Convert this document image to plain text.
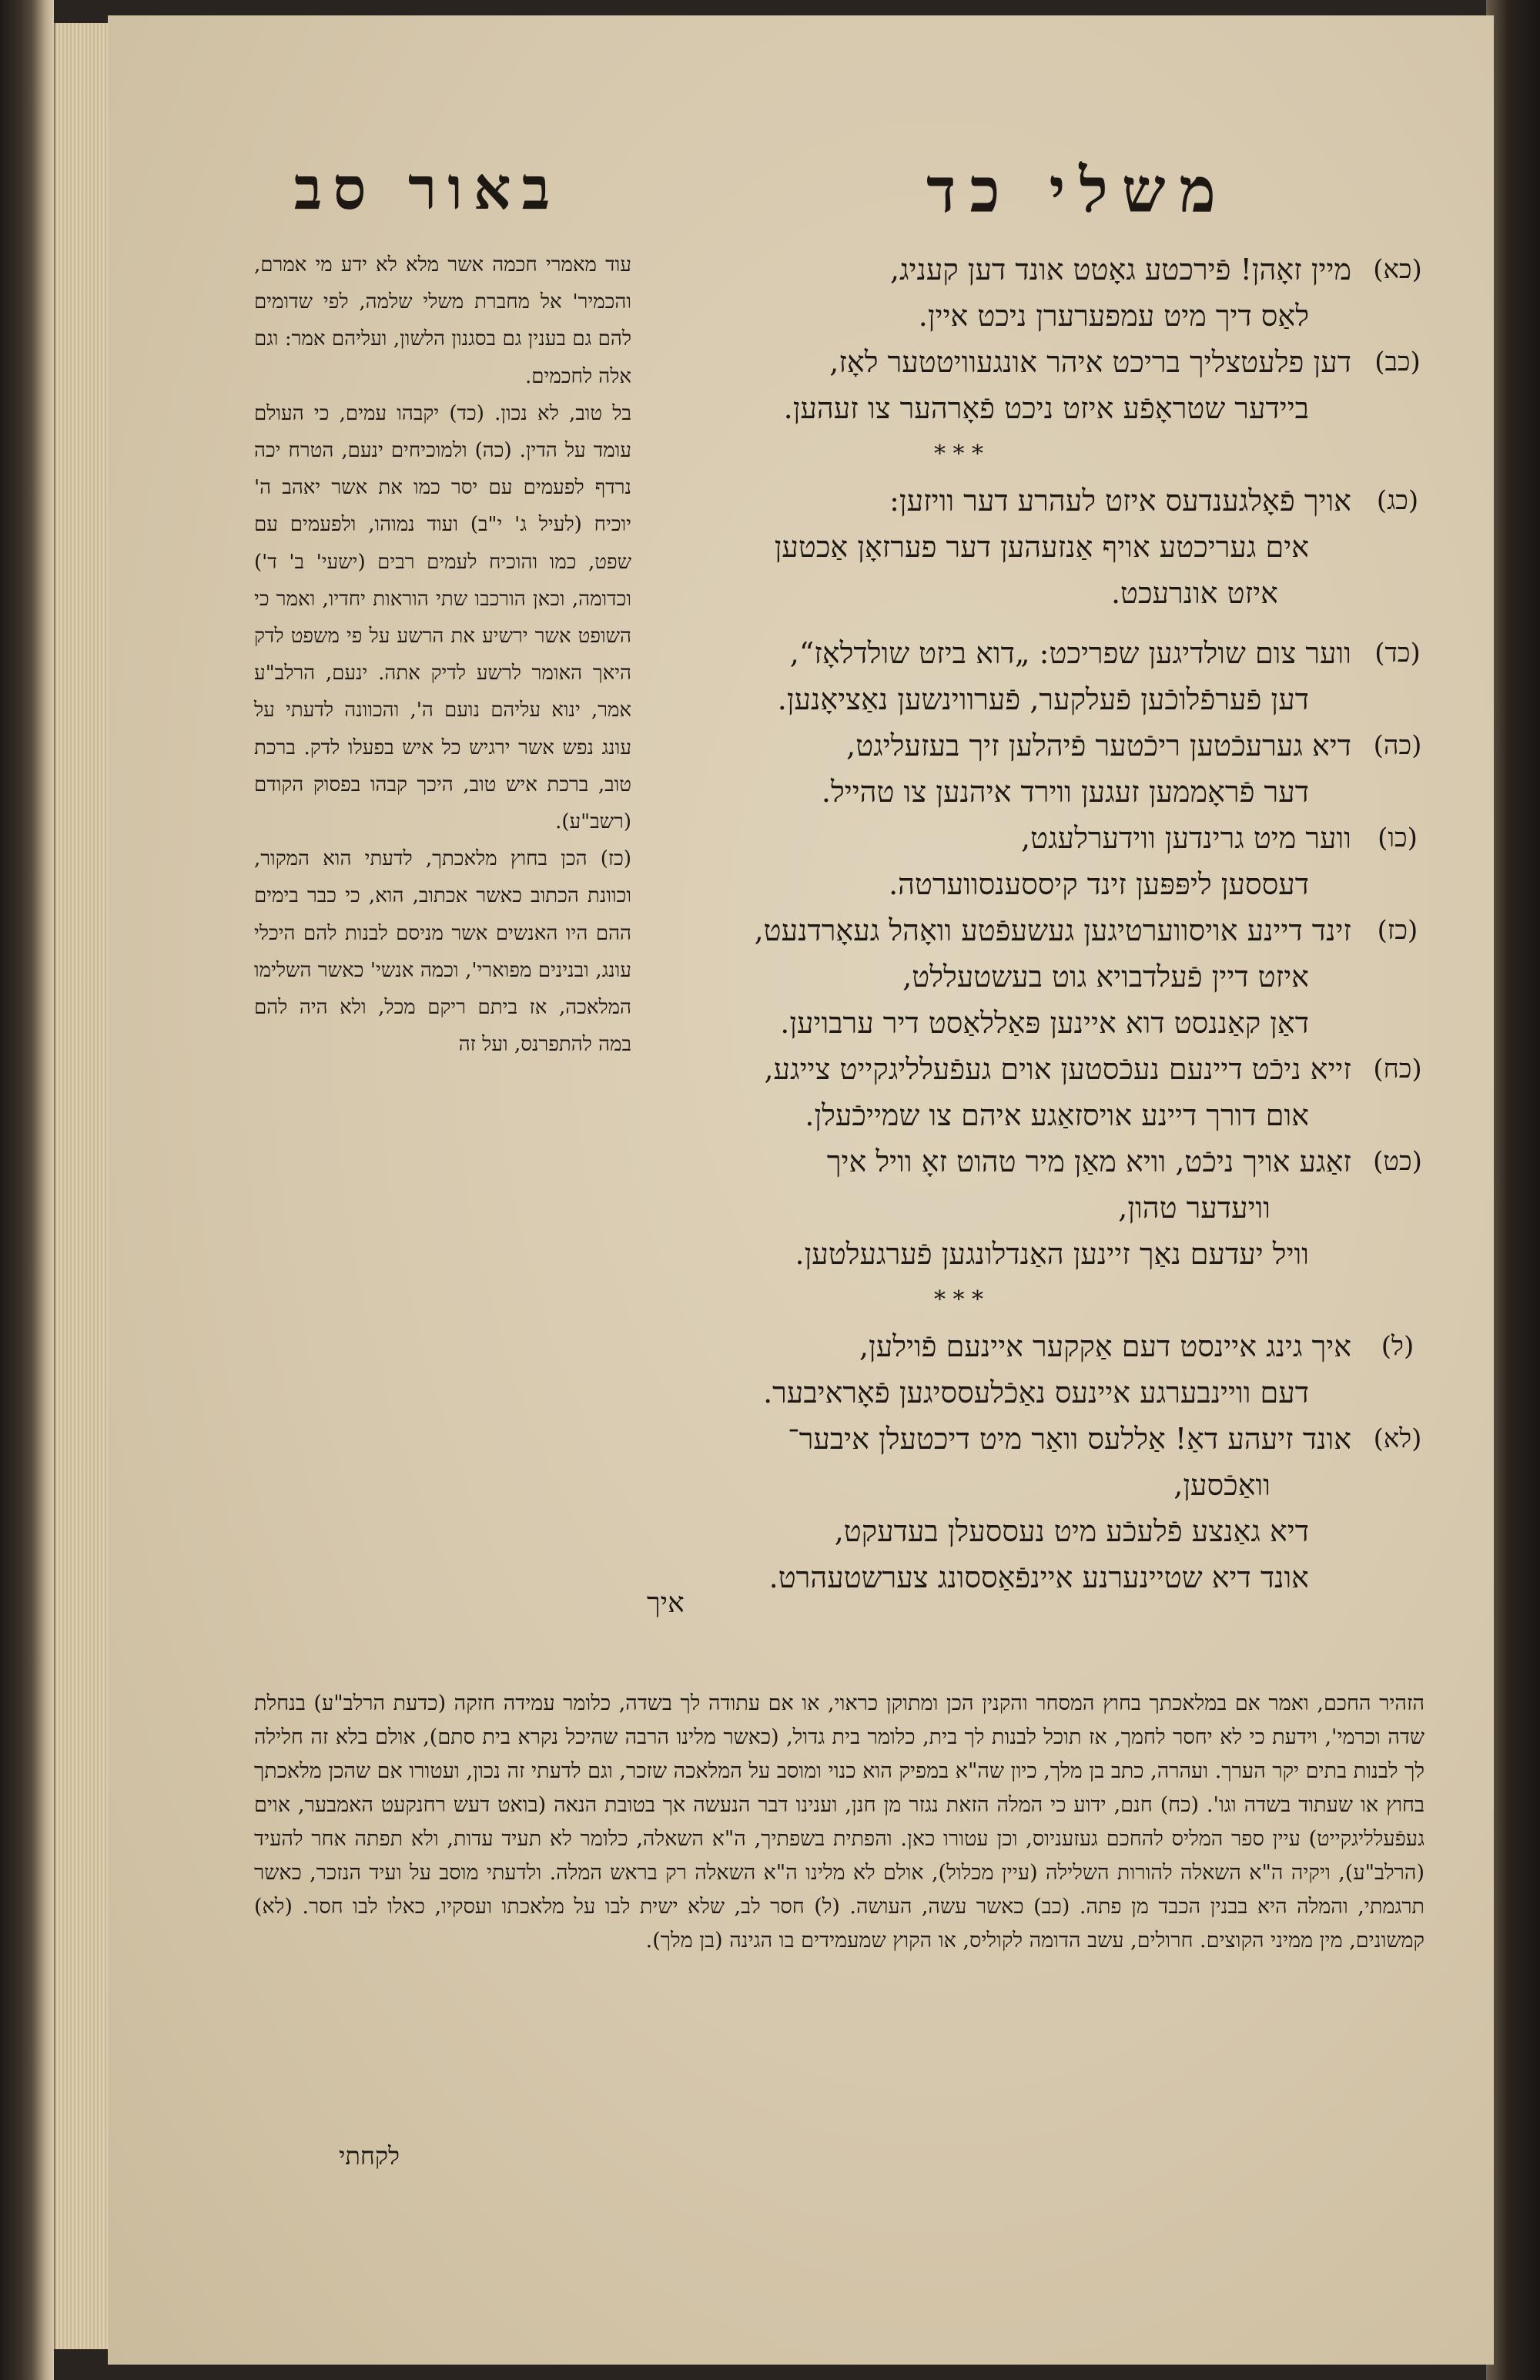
משלי כד
באור סב
(כא)
מיין זאָהן! פֿירכטע גאָטט אונד דען קעניג,
לאַס דיך מיט עמפערערן ניכט איין.
(כב)
דען פלעטצליך בריכט איהר אונגעוויטטער לאָז,
ביידער שטראָפֿע איזט ניכט פֿאָרהער צו זעהען.
* * *
(כג)
אויך פֿאָלגענדעס איזט לעהרע דער וויזען:
אים געריכטע אויף אַנזעהען דער פערזאָן אַכטען
איזט אונרעכט.
(כד)
ווער צום שולדיגען שפריכט: „דוא ביזט שולדלאָז“,
דען פֿערפֿלוכֿען פֿעלקער, פֿערווינשען נאַציאָנען.
(כה)
דיא גערעכֿטען ריכֿטער פֿיהלען זיך בעזעליגט,
דער פֿראָממען זעגען ווירד איהנען צו טהייל.
(כו)
ווער מיט גרינדען ווידערלעגט,
דעססען ליפּפּען זינד קיססענסווערטה.
(כז)
זינד דיינע אויסווערטיגען געשעפֿטע וואָהל געאָרדנעט,
איזט דיין פֿעלדבויא גוט בעשטעללט,
דאַן קאַננסט דוא איינען פּאַללאַסט דיר ערבויען.
(כח)
זייא ניכֿט דיינעם נעכֿסטען אוים געפֿעלליגקייט צייגע,
אום דורך דיינע אויסזאַגע איהם צו שמייכֿעלן.
(כט)
זאַגע אויך ניכֿט, וויא מאַן מיר טהוט זאָ וויל איך
וויעדער טהון,
וויל יעדעם נאַך זיינען האַנדלונגען פֿערגעלטען.
* * *
(ל)
איך גינג איינסט דעם אַקקער איינעם פֿוילען,
דעם וויינבערגע איינעס נאַכֿלעססיגען פֿאָראיבער.
(לא)
אונד זיעהע דאַ! אַללעס וואַר מיט דיכטעלן איבער־
וואַכֿסען,
דיא גאַנצע פֿלעכֿע מיט נעססעלן בעדעקט,
אונד דיא שטיינערנע איינפֿאַססונג צערשטעהרט.
איך

עוד מאמרי חכמה אשר מלא לא ידע מי אמרם, והכמיר' אל מחברת משלי שלמה, לפי שדומים להם גם בענין גם בסגנון הלשון, ועליהם אמר: וגם אלה לחכמים.

בל טוב, לא נכון. (כד) יקבהו עמים, כי העולם עומד על הדין. (כה) ולמוכיחים ינעם, הטרח יכה נרדף לפעמים עם יסר כמו את אשר יאהב ה' יוכיח (לעיל ג' י"ב) ועוד נמוהו, ולפעמים עם שפט, כמו והוכיח לעמים רבים (ישעי' ב' ד') וכדומה, וכאן הורכבו שתי הוראות יחדיו, ואמר כי השופט אשר ירשיע את הרשע על פי משפט לדק היאך האומר לרשע לדיק אתה. ינעם, הרלב"ע אמר, ינוא עליהם נועם ה', והכוונה לדעתי על עונג נפש אשר ירגיש כל איש בפעלו לדק. ברכת טוב, ברכת איש טוב, היכך קבהו בפסוק הקודם (רשב"ע).

(כז) הכן בחוץ מלאכתך, לדעתי הוא המקור, וכוונת הכתוב כאשר אכתוב, הוא, כי כבר בימים ההם היו האנשים אשר מניסם לבנות להם היכלי עונג, ובנינים מפוארי', וכמה אנשי' כאשר השלימו המלאכה, אז ביתם ריקם מכל, ולא היה להם במה להתפרנס, ועל זה

הזהיר החכם, ואמר אם במלאכתך בחוץ המסחר והקנין הכן ומתוקן כראוי, או אם עתודה לך בשדה, כלומר עמידה חזקה (כדעת הרלב"ע) בנחלת שדה וכרמי', וידעת כי לא יחסר לחמך, אז תוכל לבנות לך בית, כלומר בית גדול, (כאשר מלינו הרבה שהיכל נקרא בית סתם), אולם בלא זה חלילה לך לבנות בתים יקר הערך. ועהרה, כתב בן מלך, כיון שה"א במפיק הוא כנוי ומוסב על המלאכה שזכר, וגם לדעתי זה נכון, ועטורו אם שהכן מלאכתך בחוץ או שעתוד בשדה וגו'. (כח) חנם, ידוע כי המלה הזאת נגזר מן חנן, וענינו דבר הנעשה אך בטובת הנאה (בואט דעש רחנקעט האמבער, אוים געפֿעלליגקייט) עיין ספר המליס להחכם געזעניוס, וכן עטורו כאן. והפתית בשפתיך, ה"א השאלה, כלומר לא תעיד עדות, ולא תפתה אחר להעיד (הרלב"ע), ויקיה ה"א השאלה להורות השלילה (עיין מכלול), אולם לא מלינו ה"א השאלה רק בראש המלה. ולדעתי מוסב על ועיד הנזכר, כאשר תרגמתי, והמלה היא בבנין הכבד מן פתה. (כב) כאשר עשה, העושה. (ל) חסר לב, שלא ישית לבו על מלאכתו ועסקיו, כאלו לבו חסר. (לא) קמשונים, מין ממיני הקוצים. חרולים, עשב הדומה לקוליס, או הקוץ שמעמידים בו הגינה (בן מלך).
לקחתי
